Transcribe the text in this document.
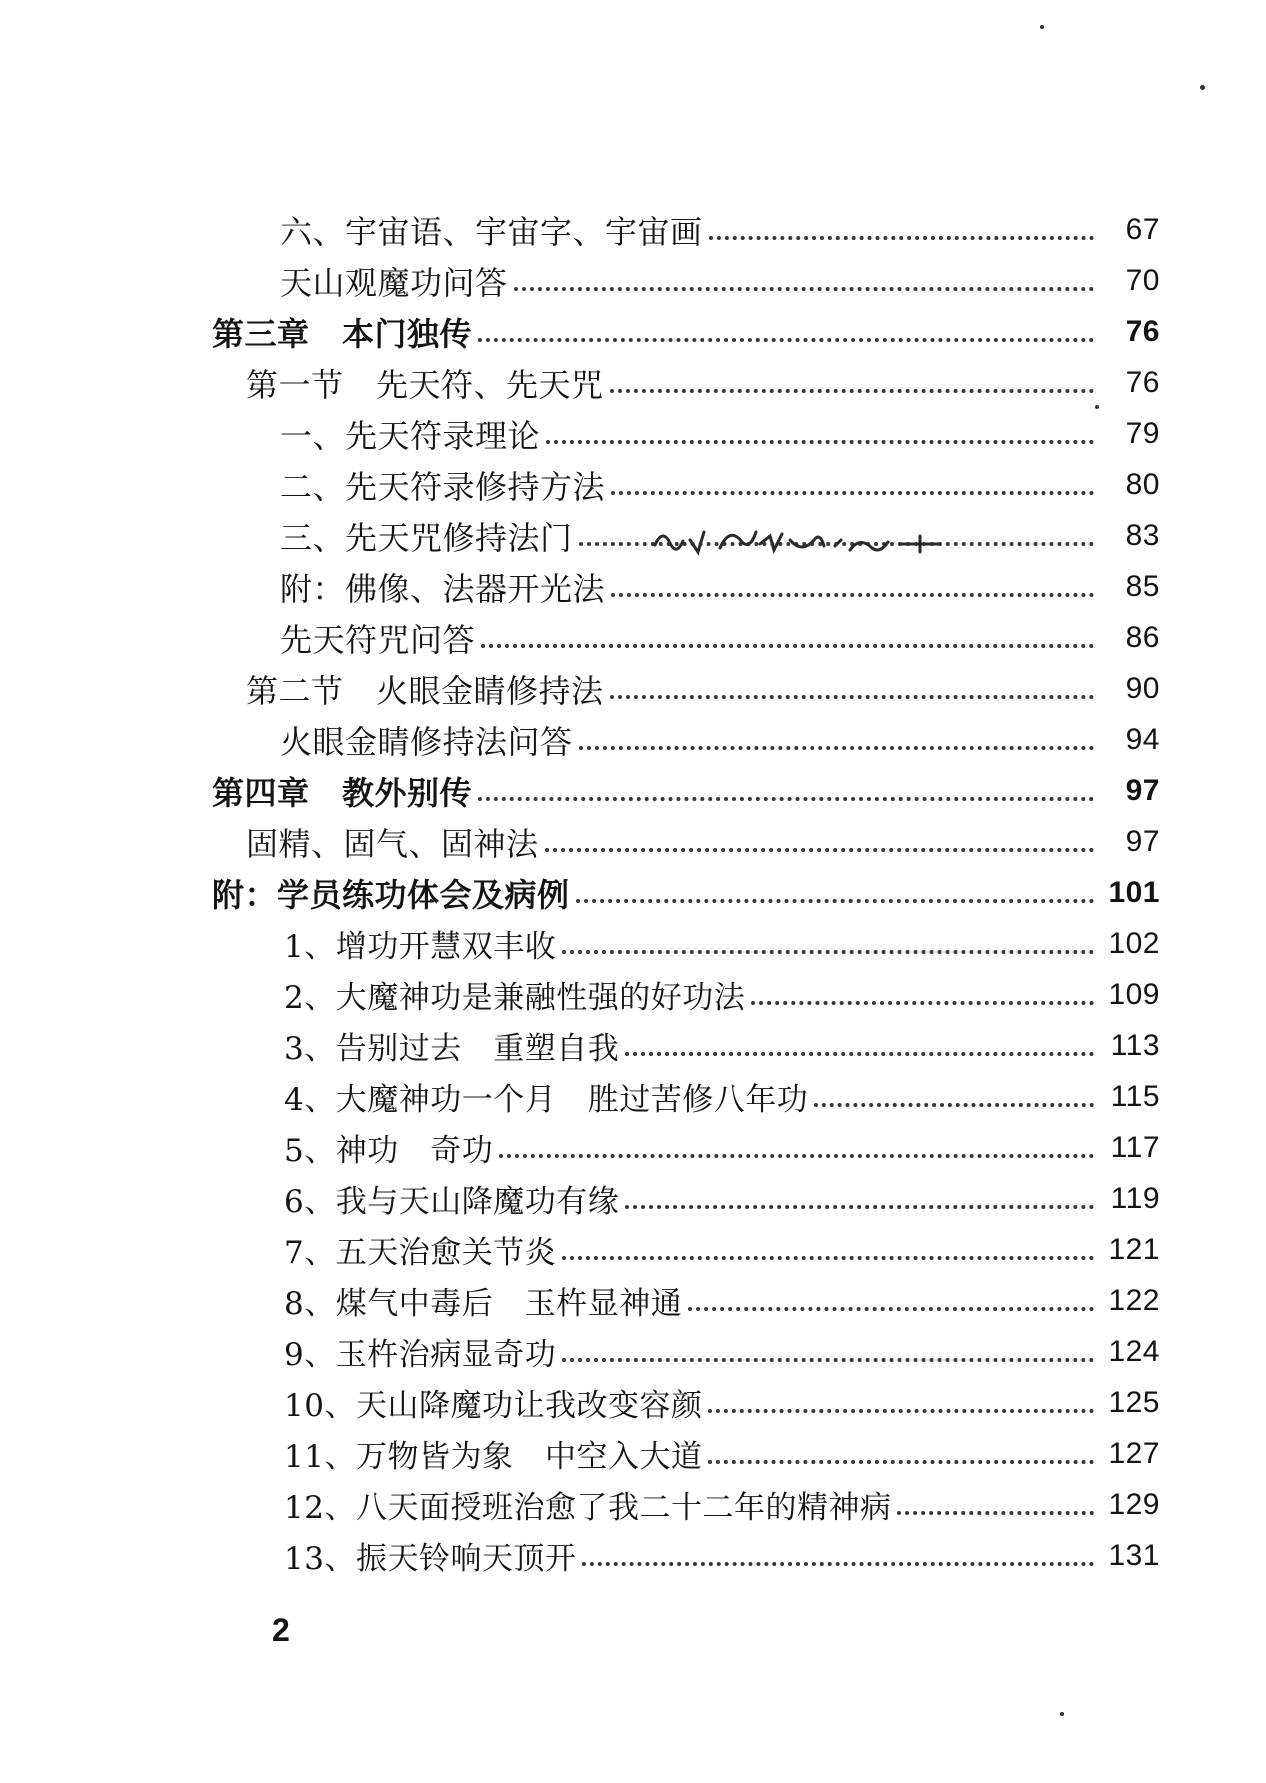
六、宇宙语、宇宙字、宇宙画	67
天山观魔功问答	70
第三章　本门独传	76
第一节　先天符、先天咒	76
一、先天符录理论	79
二、先天符录修持方法	80
三、先天咒修持法门	83
附：佛像、法器开光法	85
先天符咒问答	86
第二节　火眼金睛修持法	90
火眼金睛修持法问答	94
第四章　教外别传	97
固精、固气、固神法	97
附：学员练功体会及病例	101
1、增功开慧双丰收	102
2、大魔神功是兼融性强的好功法	109
3、告别过去　重塑自我	113
4、大魔神功一个月　胜过苦修八年功	115
5、神功　奇功	117
6、我与天山降魔功有缘	119
7、五天治愈关节炎	121
8、煤气中毒后　玉杵显神通	122
9、玉杵治病显奇功	124
10、天山降魔功让我改变容颜	125
11、万物皆为象　中空入大道	127
12、八天面授班治愈了我二十二年的精神病	129
13、振天铃响天顶开	131
2
